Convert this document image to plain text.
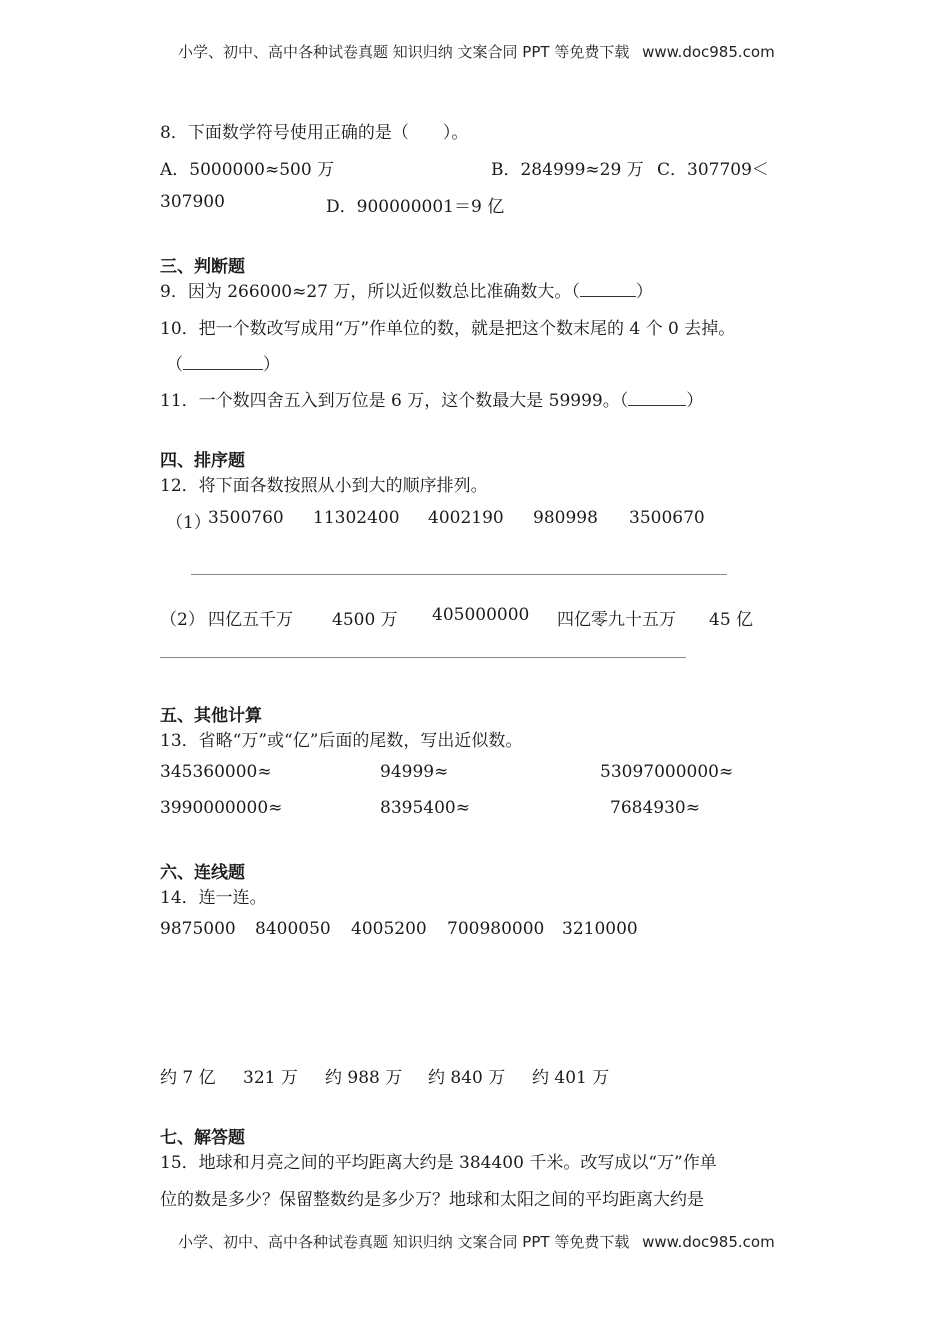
小学、初中、高中各种试卷真题 知识归纳 文案合同 PPT 等免费下载 www.doc985.com
8．下面数学符号使用正确的是（　　）。
A．5000000≈500 万	B．284999≈29 万 C．307709＜
307900	D．900000001＝9 亿
三、判断题
9．因为 266000≈27 万，所以近似数总比准确数大。（	）
10．把一个数改写成用“万”作单位的数，就是把这个数末尾的 4 个 0 去掉。
（	）
11．一个数四舍五入到万位是 6 万，这个数最大是 59999。（	）
四、排序题
12．将下面各数按照从小到大的顺序排列。
（1）
3500760 11302400 4002190 980998 3500670
（2） 四亿五千万 4500 万 405000000 四亿零九十五万 45 亿
五、其他计算
13．省略“万”或“亿”后面的尾数，写出近似数。
345360000≈	94999≈	53097000000≈
3990000000≈	8395400≈	7684930≈
六、连线题
14．连一连。
9875000 8400050 4005200 700980000 3210000
约 7 亿 321 万 约 988 万 约 840 万 约 401 万
七、解答题
15．地球和月亮之间的平均距离大约是 384400 千米。改写成以“万”作单
位的数是多少？保留整数约是多少万？地球和太阳之间的平均距离大约是
小学、初中、高中各种试卷真题 知识归纳 文案合同 PPT 等免费下载 www.doc985.com
